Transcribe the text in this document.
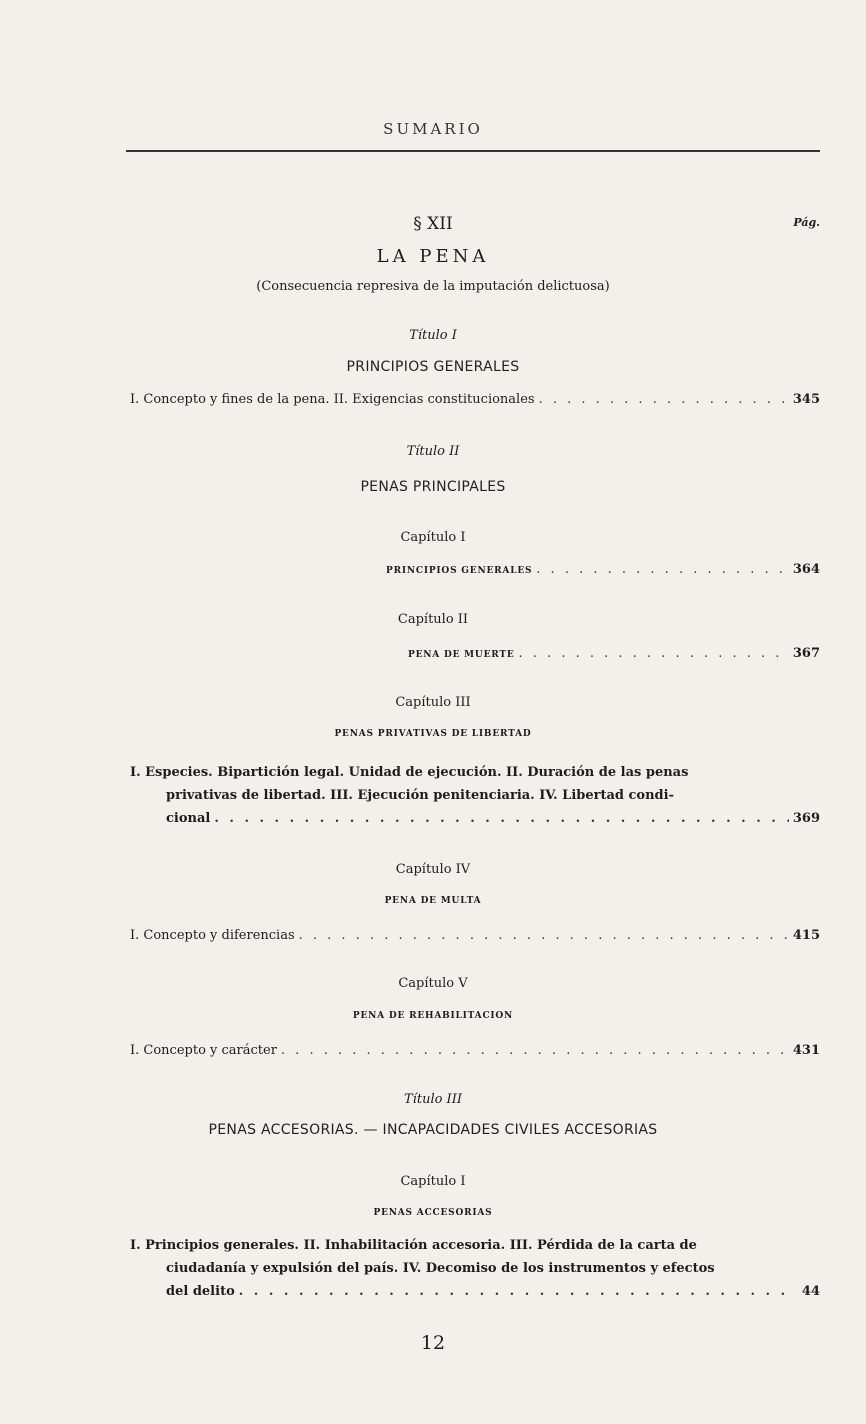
SUMARIO
Pág.
§ XII
LA PENA
(Consecuencia represiva de la imputación delictuosa)
Título I
PRINCIPIOS GENERALES
I. Concepto y fines de la pena. II. Exigencias constitucionales . . .	345
Título II
PENAS PRINCIPALES
Capítulo I
PRINCIPIOS GENERALES . . .	364
Capítulo II
PENA DE MUERTE . . .	367
Capítulo III
PENAS PRIVATIVAS DE LIBERTAD
I. Especies. Bipartición legal. Unidad de ejecución. II. Duración de las penas
privativas de libertad. III. Ejecución penitenciaria. IV. Libertad condi-
cional . . .	369
Capítulo IV
PENA DE MULTA
I. Concepto y diferencias . . .	415
Capítulo V
PENA DE REHABILITACION
I. Concepto y carácter . . .	431
Título III
PENAS ACCESORIAS. — INCAPACIDADES CIVILES ACCESORIAS
Capítulo I
PENAS ACCESORIAS
I. Principios generales. II. Inhabilitación accesoria. III. Pérdida de la carta de
ciudadanía y expulsión del país. IV. Decomiso de los instrumentos y efectos
del delito . . .	44
12
